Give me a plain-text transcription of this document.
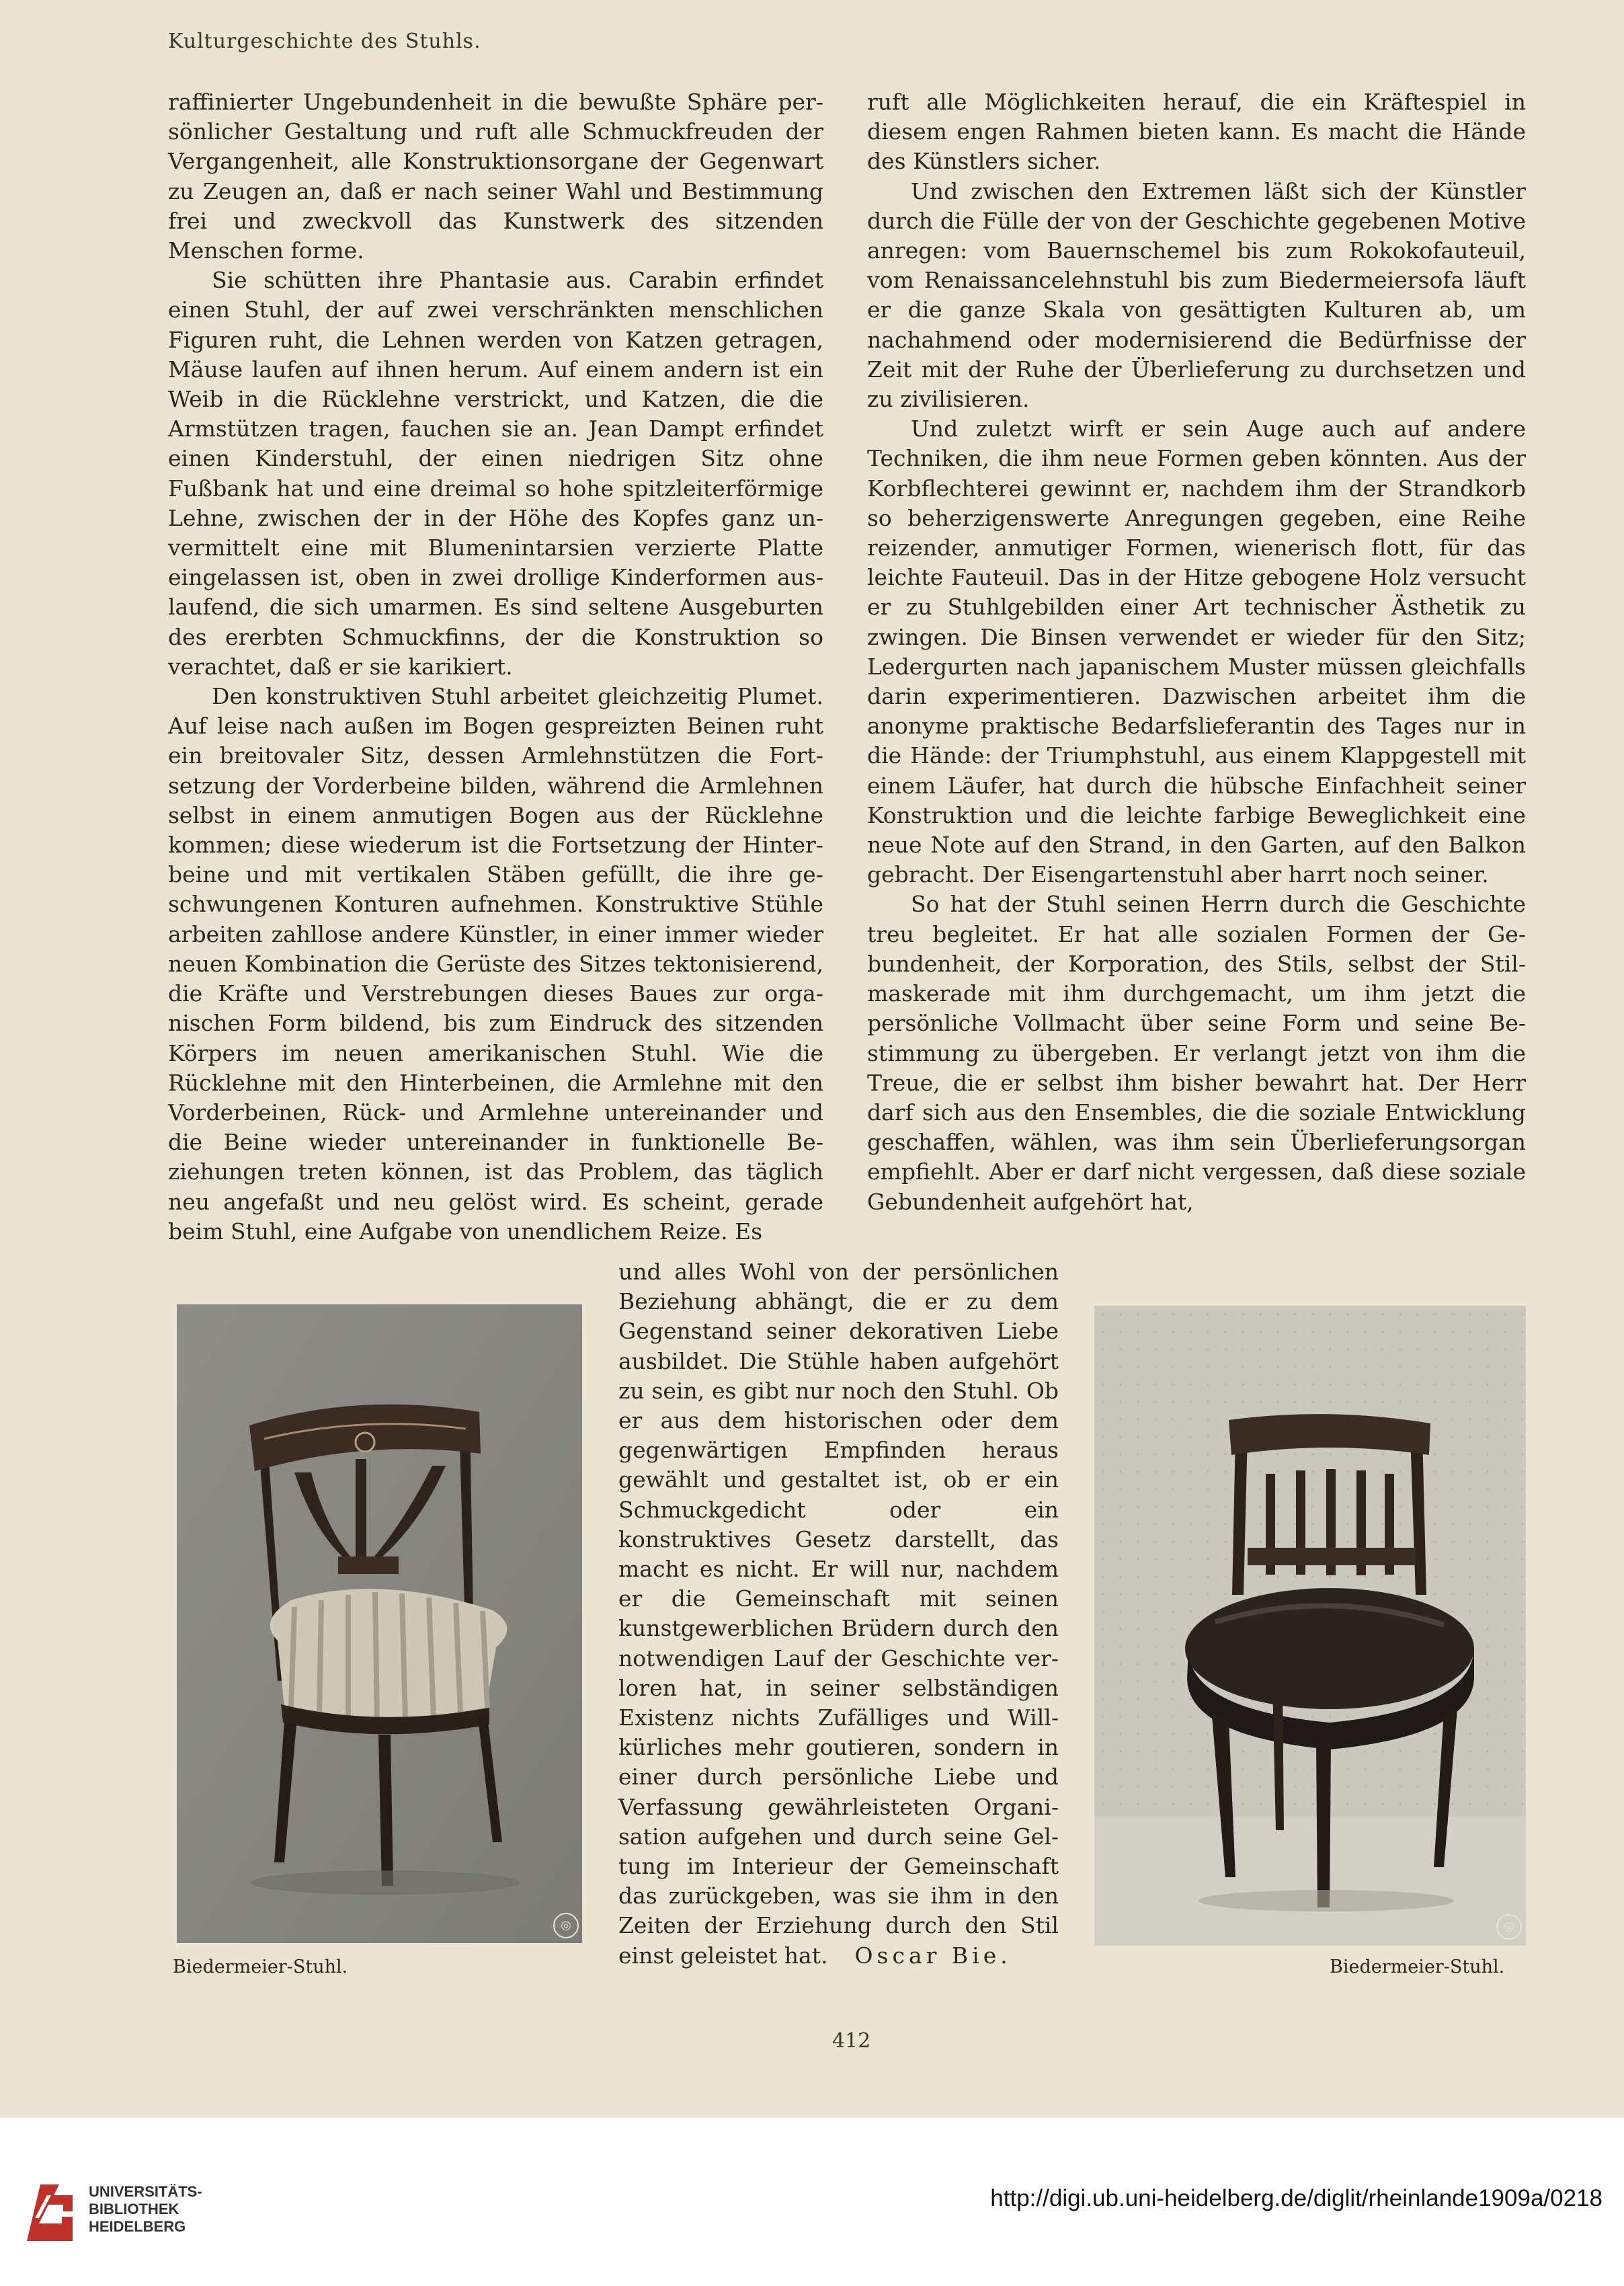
Kulturgeschichte des Stuhls.

raffinierter Ungebundenheit in die bewußte Sphäre persönlicher Gestaltung und ruft alle Schmuckfreuden der Vergangenheit, alle Konstruktionsorgane der Gegenwart zu Zeugen an, daß er nach seiner Wahl und Bestimmung frei und zweckvoll das Kunstwerk des sitzenden Menschen forme.

Sie schütten ihre Phantasie aus. Carabin erfindet einen Stuhl, der auf zwei verschränkten menschlichen Figuren ruht, die Lehnen werden von Katzen getragen, Mäuse laufen auf ihnen herum. Auf einem andern ist ein Weib in die Rücklehne verstrickt, und Katzen, die die Armstützen tragen, fauchen sie an. Jean Dampt erfindet einen Kinderstuhl, der einen niedrigen Sitz ohne Fußbank hat und eine dreimal so hohe spitzleiterförmige Lehne, zwischen der in der Höhe des Kopfes ganz unvermittelt eine mit Blumenintarsien verzierte Platte eingelassen ist, oben in zwei drollige Kinderformen auslaufend, die sich umarmen. Es sind seltene Ausgeburten des ererbten Schmuckfinns, der die Konstruktion so verachtet, daß er sie karikiert.

Den konstruktiven Stuhl arbeitet gleichzeitig Plumet. Auf leise nach außen im Bogen gespreizten Beinen ruht ein breitovaler Sitz, dessen Armlehnstützen die Fortsetzung der Vorderbeine bilden, während die Armlehnen selbst in einem anmutigen Bogen aus der Rücklehne kommen; diese wiederum ist die Fortsetzung der Hinterbeine und mit vertikalen Stäben gefüllt, die ihre geschwungenen Konturen aufnehmen. Konstruktive Stühle arbeiten zahllose andere Künstler, in einer immer wieder neuen Kombination die Gerüste des Sitzes tektonisierend, die Kräfte und Verstrebungen dieses Baues zur organischen Form bildend, bis zum Eindruck des sitzenden Körpers im neuen amerikanischen Stuhl. Wie die Rücklehne mit den Hinterbeinen, die Armlehne mit den Vorderbeinen, Rück- und Armlehne untereinander und die Beine wieder untereinander in funktionelle Beziehungen treten können, ist das Problem, das täglich neu angefaßt und neu gelöst wird. Es scheint, gerade beim Stuhl, eine Aufgabe von unendlichem Reize. Es

ruft alle Möglichkeiten herauf, die ein Kräftespiel in diesem engen Rahmen bieten kann. Es macht die Hände des Künstlers sicher.

Und zwischen den Extremen läßt sich der Künstler durch die Fülle der von der Geschichte gegebenen Motive anregen: vom Bauernschemel bis zum Rokokofauteuil, vom Renaissancelehnstuhl bis zum Biedermeiersofa läuft er die ganze Skala von gesättigten Kulturen ab, um nachahmend oder modernisierend die Bedürfnisse der Zeit mit der Ruhe der Überlieferung zu durchsetzen und zu zivilisieren.

Und zuletzt wirft er sein Auge auch auf andere Techniken, die ihm neue Formen geben könnten. Aus der Korbflechterei gewinnt er, nachdem ihm der Strandkorb so beherzigenswerte Anregungen gegeben, eine Reihe reizender, anmutiger Formen, wienerisch flott, für das leichte Fauteuil. Das in der Hitze gebogene Holz versucht er zu Stuhlgebilden einer Art technischer Ästhetik zu zwingen. Die Binsen verwendet er wieder für den Sitz; Ledergurten nach japanischem Muster müssen gleichfalls darin experimentieren. Dazwischen arbeitet ihm die anonyme praktische Bedarfslieferantin des Tages nur in die Hände: der Triumphstuhl, aus einem Klappgestell mit einem Läufer, hat durch die hübsche Einfachheit seiner Konstruktion und die leichte farbige Beweglichkeit eine neue Note auf den Strand, in den Garten, auf den Balkon gebracht. Der Eisengartenstuhl aber harrt noch seiner.

So hat der Stuhl seinen Herrn durch die Geschichte treu begleitet. Er hat alle sozialen Formen der Gebundenheit, der Korporation, des Stils, selbst der Stilmaskerade mit ihm durchgemacht, um ihm jetzt die persönliche Vollmacht über seine Form und seine Bestimmung zu übergeben. Er verlangt jetzt von ihm die Treue, die er selbst ihm bisher bewahrt hat. Der Herr darf sich aus den Ensembles, die die soziale Entwicklung geschaffen, wählen, was ihm sein Überlieferungsorgan empfiehlt. Aber er darf nicht vergessen, daß diese soziale Gebundenheit aufgehört hat,

und alles Wohl von der persönlichen Beziehung abhängt, die er zu dem Gegenstand seiner dekorativen Liebe ausbildet. Die Stühle haben aufgehört zu sein, es gibt nur noch den Stuhl. Ob er aus dem historischen oder dem gegenwärtigen Empfinden heraus gewählt und gestaltet ist, ob er ein Schmuckgedicht oder ein konstruktives Gesetz darstellt, das macht es nicht. Er will nur, nachdem er die Gemeinschaft mit seinen kunstgewerblichen Brüdern durch den notwendigen Lauf der Geschichte verloren hat, in seiner selbständigen Existenz nichts Zufälliges und Willkürliches mehr goutieren, sondern in einer durch persönliche Liebe und Verfassung gewährleisteten Organisation aufgehen und durch seine Geltung im Interieur der Gemeinschaft das zurückgeben, was sie ihm in den Zeiten der Erziehung durch den Stil einst geleistet hat. Oscar Bie.

◎	◎
Biedermeier-Stuhl.	Biedermeier-Stuhl.
412
UNIVERSITÄTS-
BIBLIOTHEK
HEIDELBERG
http://digi.ub.uni-heidelberg.de/diglit/rheinlande1909a/0218
